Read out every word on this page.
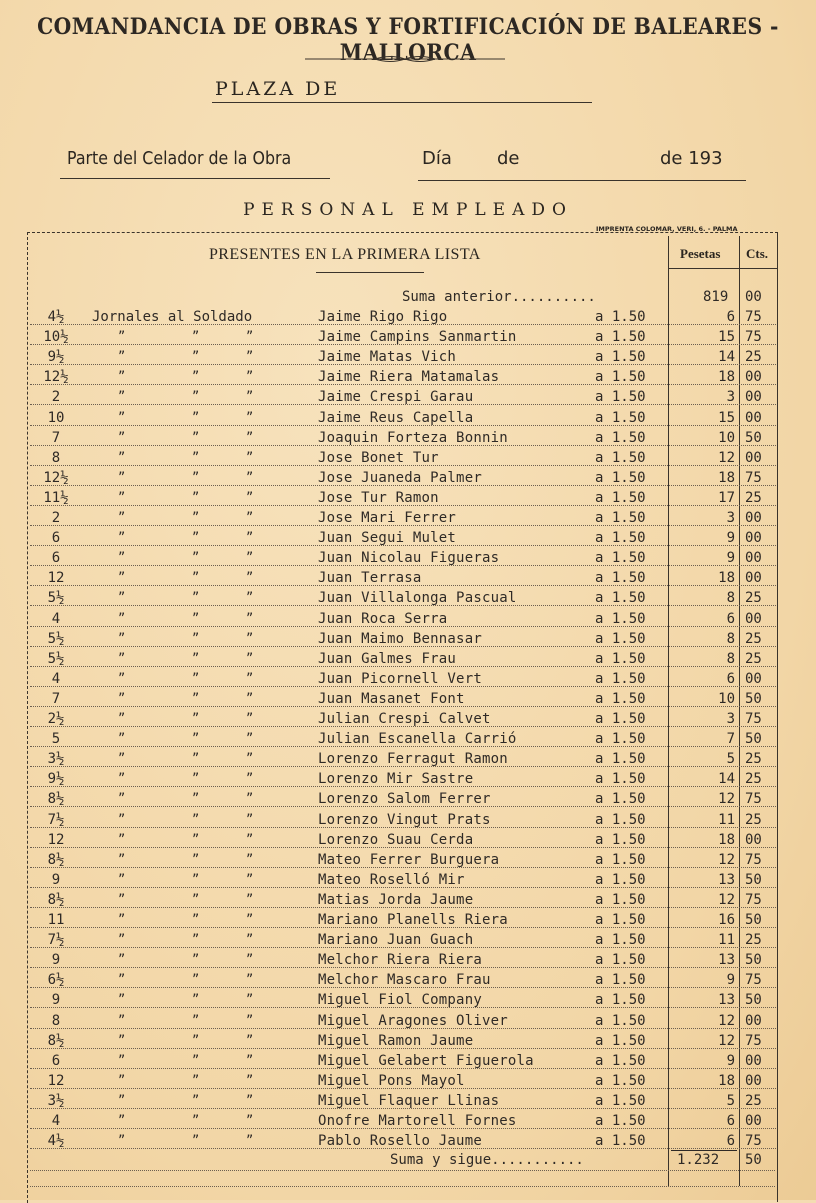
COMANDANCIA DE OBRAS Y FORTIFICACIÓN DE BALEARES - MALLORCA
PLAZA DE
Parte del Celador de la Obra	Día	de	de 193
PERSONAL EMPLEADO
IMPRENTA COLOMAR, VERI, 6. - PALMA
PRESENTES EN LA PRIMERA LISTA	Pesetas Cts.
Suma anterior..........	819 00
4½	Jornales al Soldado	Jaime Rigo Rigo	a 1.50	6 75
10½	”	”	”	Jaime Campins Sanmartin	a 1.50	15 75
9½	”	”	”	Jaime Matas Vich	a 1.50	14 25
12½	”	”	”	Jaime Riera Matamalas	a 1.50	18 00
2	”	”	”	Jaime Crespi Garau	a 1.50	3 00
10	”	”	”	Jaime Reus Capella	a 1.50	15 00
7	”	”	”	Joaquin Forteza Bonnin	a 1.50	10 50
8	”	”	”	Jose Bonet Tur	a 1.50	12 00
12½	”	”	”	Jose Juaneda Palmer	a 1.50	18 75
11½	”	”	”	Jose Tur Ramon	a 1.50	17 25
2	”	”	”	Jose Mari Ferrer	a 1.50	3 00
6	”	”	”	Juan Segui Mulet	a 1.50	9 00
6	”	”	”	Juan Nicolau Figueras	a 1.50	9 00
12	”	”	”	Juan Terrasa	a 1.50	18 00
5½	”	”	”	Juan Villalonga Pascual	a 1.50	8 25
4	”	”	”	Juan Roca Serra	a 1.50	6 00
5½	”	”	”	Juan Maimo Bennasar	a 1.50	8 25
5½	”	”	”	Juan Galmes Frau	a 1.50	8 25
4	”	”	”	Juan Picornell Vert	a 1.50	6 00
7	”	”	”	Juan Masanet Font	a 1.50	10 50
2½	”	”	”	Julian Crespi Calvet	a 1.50	3 75
5	”	”	”	Julian Escanella Carrió	a 1.50	7 50
3½	”	”	”	Lorenzo Ferragut Ramon	a 1.50	5 25
9½	”	”	”	Lorenzo Mir Sastre	a 1.50	14 25
8½	”	”	”	Lorenzo Salom Ferrer	a 1.50	12 75
7½	”	”	”	Lorenzo Vingut Prats	a 1.50	11 25
12	”	”	”	Lorenzo Suau Cerda	a 1.50	18 00
8½	”	”	”	Mateo Ferrer Burguera	a 1.50	12 75
9	”	”	”	Mateo Roselló Mir	a 1.50	13 50
8½	”	”	”	Matias Jorda Jaume	a 1.50	12 75
11	”	”	”	Mariano Planells Riera	a 1.50	16 50
7½	”	”	”	Mariano Juan Guach	a 1.50	11 25
9	”	”	”	Melchor Riera Riera	a 1.50	13 50
6½	”	”	”	Melchor Mascaro Frau	a 1.50	9 75
9	”	”	”	Miguel Fiol Company	a 1.50	13 50
8	”	”	”	Miguel Aragones Oliver	a 1.50	12 00
8½	”	”	”	Miguel Ramon Jaume	a 1.50	12 75
6	”	”	”	Miguel Gelabert Figuerola	a 1.50	9 00
12	”	”	”	Miguel Pons Mayol	a 1.50	18 00
3½	”	”	”	Miguel Flaquer Llinas	a 1.50	5 25
4	”	”	”	Onofre Martorell Fornes	a 1.50	6 00
4½	”	”	”	Pablo Rosello Jaume	a 1.50	6 75
Suma y sigue...........	1.232 50
